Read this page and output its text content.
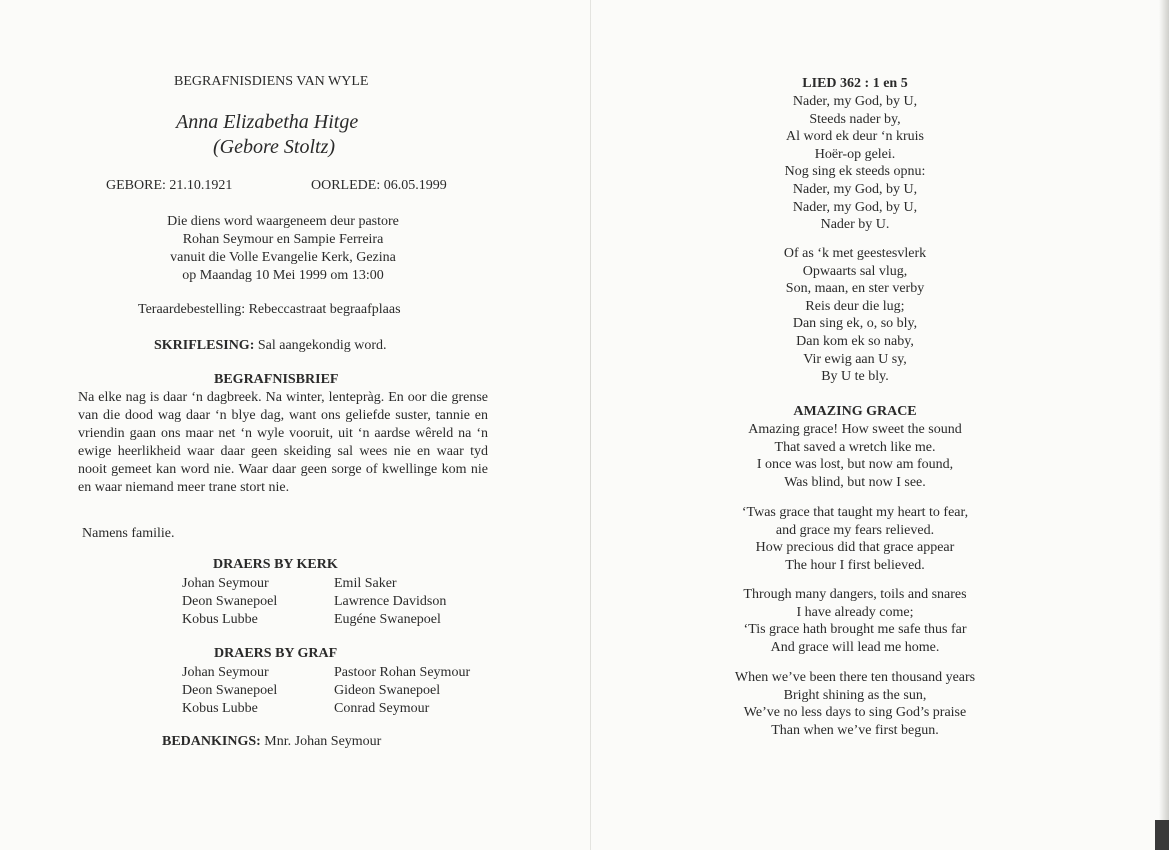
BEGRAFNISDIENS VAN WYLE
Anna Elizabetha Hitge
(Gebore Stoltz)
GEBORE: 21.10.1921	OORLEDE: 06.05.1999
Die diens word waargeneem deur pastore
Rohan Seymour en Sampie Ferreira
vanuit die Volle Evangelie Kerk, Gezina
op Maandag 10 Mei 1999 om 13:00
Teraardebestelling: Rebeccastraat begraafplaas
SKRIFLESING: Sal aangekondig word.
BEGRAFNISBRIEF
Na elke nag is daar ‘n dagbreek. Na winter, lentepràg. En oor die grense van die dood wag daar ‘n blye dag, want ons geliefde suster, tannie en vriendin gaan ons maar net ‘n wyle vooruit, uit ‘n aardse wêreld na ‘n ewige heerlikheid waar daar geen skeiding sal wees nie en waar tyd nooit gemeet kan word nie. Waar daar geen sorge of kwellinge kom nie en waar niemand meer trane stort nie.
Namens familie.
DRAERS BY KERK
Johan Seymour
Deon Swanepoel
Kobus Lubbe
Emil Saker
Lawrence Davidson
Eugéne Swanepoel
DRAERS BY GRAF
Johan Seymour
Deon Swanepoel
Kobus Lubbe
Pastoor Rohan Seymour
Gideon Swanepoel
Conrad Seymour
BEDANKINGS: Mnr. Johan Seymour
LIED 362 : 1 en 5
Nader, my God, by U,
Steeds nader by,
Al word ek deur ‘n kruis
Hoër-op gelei.
Nog sing ek steeds opnu:
Nader, my God, by U,
Nader, my God, by U,
Nader by U.
Of as ‘k met geestesvlerk
Opwaarts sal vlug,
Son, maan, en ster verby
Reis deur die lug;
Dan sing ek, o, so bly,
Dan kom ek so naby,
Vir ewig aan U sy,
By U te bly.
AMAZING GRACE
Amazing grace! How sweet the sound
That saved a wretch like me.
I once was lost, but now am found,
Was blind, but now I see.
‘Twas grace that taught my heart to fear,
and grace my fears relieved.
How precious did that grace appear
The hour I first believed.
Through many dangers, toils and snares
I have already come;
‘Tis grace hath brought me safe thus far
And grace will lead me home.
When we’ve been there ten thousand years
Bright shining as the sun,
We’ve no less days to sing God’s praise
Than when we’ve first begun.
